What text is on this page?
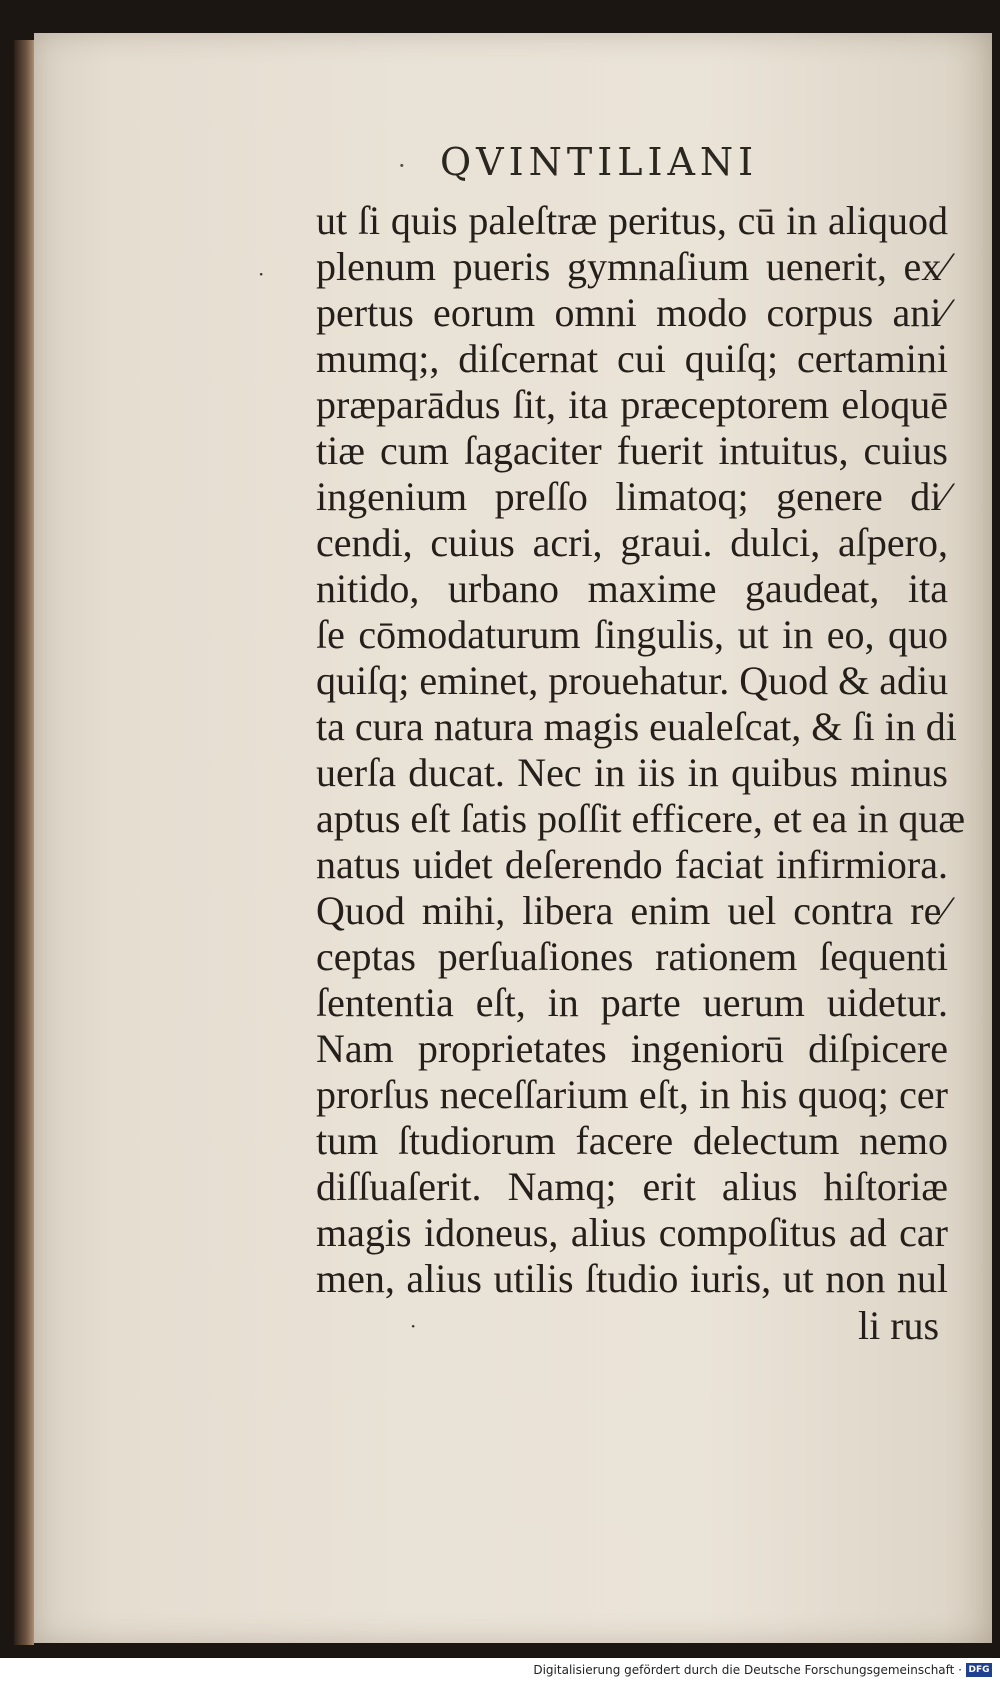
· QVINTILIANI
ut ſi quis paleſtræ peritus, cū in aliquod
plenum pueris gymnaſium uenerit, ex⁄
pertus eorum omni modo corpus ani⁄
mumq;, diſcernat cui quiſq; certamini
præparādus ſit, ita præceptorem eloquē
tiæ cum ſagaciter fuerit intuitus, cuius
ingenium preſſo limatoq; genere di⁄
cendi, cuius acri, graui. dulci, aſpero,
nitido, urbano maxime gaudeat, ita
ſe cōmodaturum ſingulis, ut in eo, quo
quiſq; eminet, prouehatur. Quod & adiu
ta cura natura magis eualeſcat, & ſi in di
uerſa ducat. Nec in iis in quibus minus
aptus eſt ſatis poſſit efficere, et ea in quæ
natus uidet deſerendo faciat infirmiora.
Quod mihi, libera enim uel contra re⁄
ceptas perſuaſiones rationem ſequenti
ſententia eſt, in parte uerum uidetur.
Nam proprietates ingeniorū diſpicere
prorſus neceſſarium eſt, in his quoq; cer
tum ſtudiorum facere delectum nemo
diſſuaſerit. Namq; erit alius hiſtoriæ
magis idoneus, alius compoſitus ad car
men, alius utilis ſtudio iuris, ut non nul
li rus
·
·
Digitalisierung gefördert durch die Deutsche Forschungsgemeinschaft · DFG
